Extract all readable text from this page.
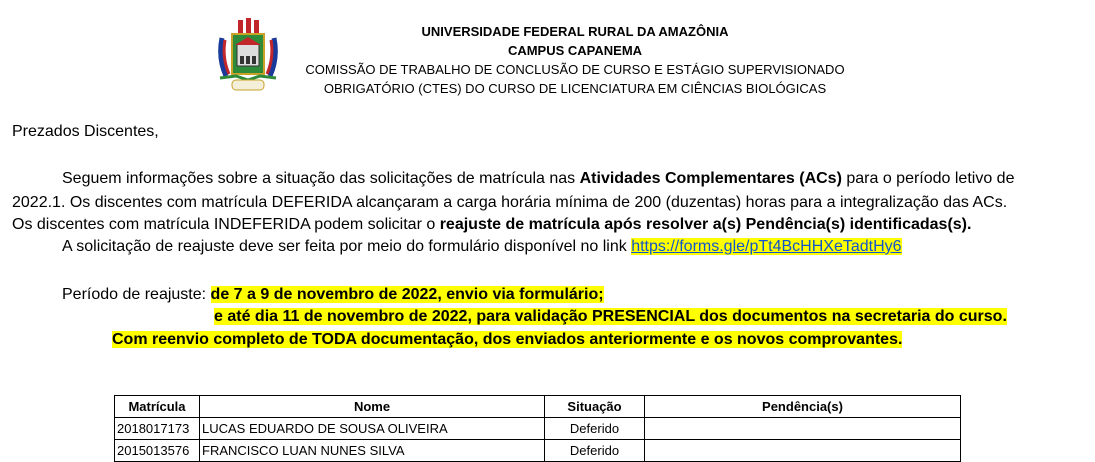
UNIVERSIDADE FEDERAL RURAL DA AMAZÔNIA
CAMPUS CAPANEMA
COMISSÃO DE TRABALHO DE CONCLUSÃO DE CURSO E ESTÁGIO SUPERVISIONADO
OBRIGATÓRIO (CTES) DO CURSO DE LICENCIATURA EM CIÊNCIAS BIOLÓGICAS
Prezados Discentes,
Seguem informações sobre a situação das solicitações de matrícula nas Atividades Complementares (ACs) para o período letivo de
2022.1. Os discentes com matrícula DEFERIDA alcançaram a carga horária mínima de 200 (duzentas) horas para a integralização das ACs.
Os discentes com matrícula INDEFERIDA podem solicitar o reajuste de matrícula após resolver a(s) Pendência(s) identificadas(s).
A solicitação de reajuste deve ser feita por meio do formulário disponível no link https://forms.gle/pTt4BcHHXeTadtHy6
Período de reajuste: de 7 a 9 de novembro de 2022, envio via formulário;
e até dia 11 de novembro de 2022, para validação PRESENCIAL dos documentos na secretaria do curso.
Com reenvio completo de TODA documentação, dos enviados anteriormente e os novos comprovantes.
Matrícula	Nome	Situação	Pendência(s)
2018017173	LUCAS EDUARDO DE SOUSA OLIVEIRA	Deferido	
2015013576	FRANCISCO LUAN NUNES SILVA	Deferido	
